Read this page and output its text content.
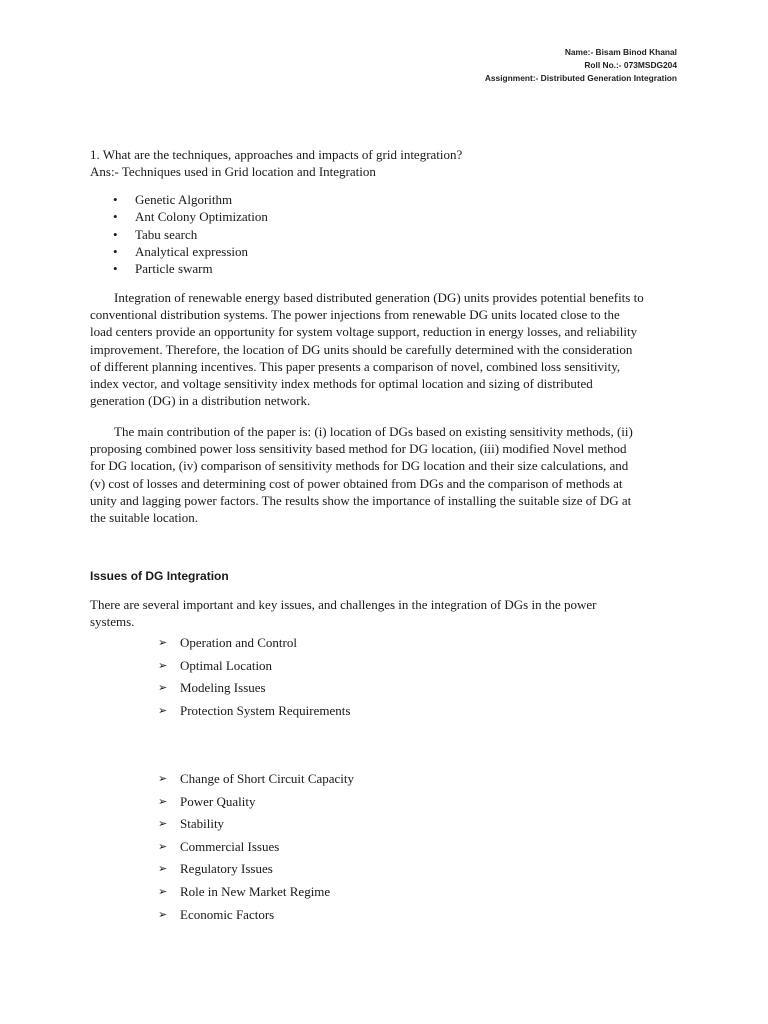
Name:- Bisam Binod Khanal
Roll No.:- 073MSDG204
Assignment:- Distributed Generation Integration
1. What are the techniques, approaches and impacts of grid integration?
Ans:- Techniques used in Grid location and Integration
• Genetic Algorithm
• Ant Colony Optimization
• Tabu search
• Analytical expression
• Particle swarm

Integration of renewable energy based distributed generation (DG) units provides potential benefits to
conventional distribution systems. The power injections from renewable DG units located close to the
load centers provide an opportunity for system voltage support, reduction in energy losses, and reliability
improvement. Therefore, the location of DG units should be carefully determined with the consideration
of different planning incentives. This paper presents a comparison of novel, combined loss sensitivity,
index vector, and voltage sensitivity index methods for optimal location and sizing of distributed
generation (DG) in a distribution network.

The main contribution of the paper is: (i) location of DGs based on existing sensitivity methods, (ii)
proposing combined power loss sensitivity based method for DG location, (iii) modified Novel method
for DG location, (iv) comparison of sensitivity methods for DG location and their size calculations, and
(v) cost of losses and determining cost of power obtained from DGs and the comparison of methods at
unity and lagging power factors. The results show the importance of installing the suitable size of DG at
the suitable location.

Issues of DG Integration

There are several important and key issues, and challenges in the integration of DGs in the power
systems.

➢ Operation and Control
➢ Optimal Location
➢ Modeling Issues
➢ Protection System Requirements
➢ Change of Short Circuit Capacity
➢ Power Quality
➢ Stability
➢ Commercial Issues
➢ Regulatory Issues
➢ Role in New Market Regime
➢ Economic Factors
